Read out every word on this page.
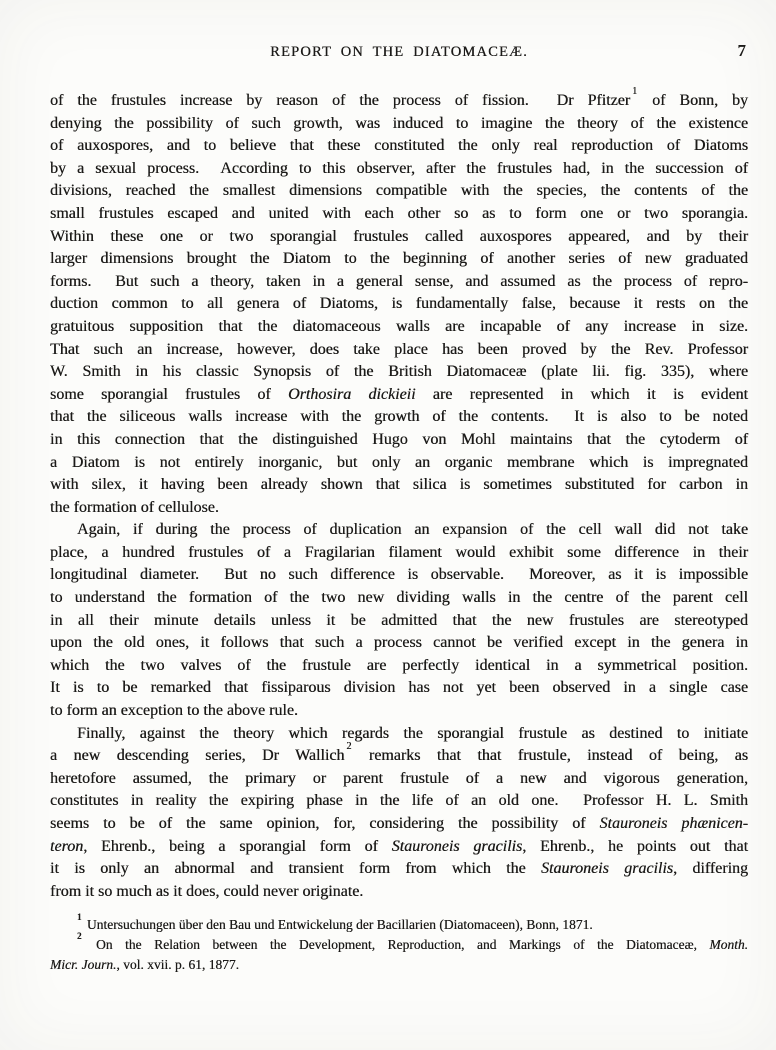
REPORT ON THE DIATOMACEÆ.	7
of the frustules increase by reason of the process of fission.  Dr Pfitzer$^1$ of Bonn, by
denying the possibility of such growth, was induced to imagine the theory of the existence
of auxospores, and to believe that these constituted the only real reproduction of Diatoms
by a sexual process.  According to this observer, after the frustules had, in the succession of
divisions, reached the smallest dimensions compatible with the species, the contents of the
small frustules escaped and united with each other so as to form one or two sporangia.
Within these one or two sporangial frustules called auxospores appeared, and by their
larger dimensions brought the Diatom to the beginning of another series of new graduated
forms.  But such a theory, taken in a general sense, and assumed as the process of repro-
duction common to all genera of Diatoms, is fundamentally false, because it rests on the
gratuitous supposition that the diatomaceous walls are incapable of any increase in size.
That such an increase, however, does take place has been proved by the Rev. Professor
W. Smith in his classic Synopsis of the British Diatomaceæ (plate lii. fig. 335), where
some sporangial frustules of Orthosira dickieii are represented in which it is evident
that the siliceous walls increase with the growth of the contents.  It is also to be noted
in this connection that the distinguished Hugo von Mohl maintains that the cytoderm of
a Diatom is not entirely inorganic, but only an organic membrane which is impregnated
with silex, it having been already shown that silica is sometimes substituted for carbon in
the formation of cellulose.
Again, if during the process of duplication an expansion of the cell wall did not take
place, a hundred frustules of a Fragilarian filament would exhibit some difference in their
longitudinal diameter.  But no such difference is observable.  Moreover, as it is impossible
to understand the formation of the two new dividing walls in the centre of the parent cell
in all their minute details unless it be admitted that the new frustules are stereotyped
upon the old ones, it follows that such a process cannot be verified except in the genera in
which the two valves of the frustule are perfectly identical in a symmetrical position.
It is to be remarked that fissiparous division has not yet been observed in a single case
to form an exception to the above rule.
Finally, against the theory which regards the sporangial frustule as destined to initiate
a new descending series, Dr Wallich$^2$ remarks that that frustule, instead of being, as
heretofore assumed, the primary or parent frustule of a new and vigorous generation,
constitutes in reality the expiring phase in the life of an old one.  Professor H. L. Smith
seems to be of the same opinion, for, considering the possibility of Stauroneis phænicen-
teron, Ehrenb., being a sporangial form of Stauroneis gracilis, Ehrenb., he points out that
it is only an abnormal and transient form from which the Stauroneis gracilis, differing
from it so much as it does, could never originate.
$^1$ Untersuchungen über den Bau und Entwickelung der Bacillarien (Diatomaceen), Bonn, 1871.
$^2$ On the Relation between the Development, Reproduction, and Markings of the Diatomaceæ, Month.
Micr. Journ., vol. xvii. p. 61, 1877.
